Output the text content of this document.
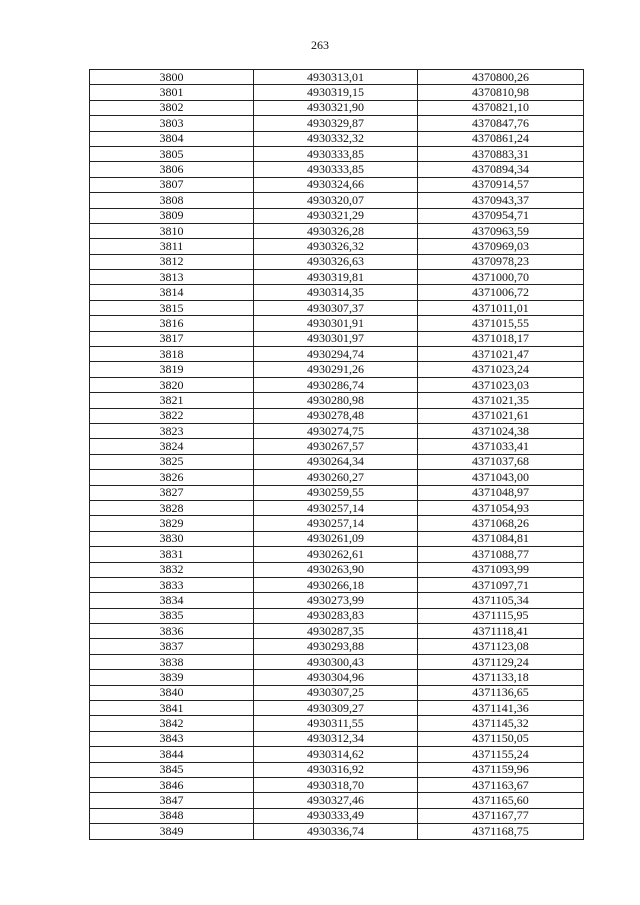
263
3800	4930313,01	4370800,26
3801	4930319,15	4370810,98
3802	4930321,90	4370821,10
3803	4930329,87	4370847,76
3804	4930332,32	4370861,24
3805	4930333,85	4370883,31
3806	4930333,85	4370894,34
3807	4930324,66	4370914,57
3808	4930320,07	4370943,37
3809	4930321,29	4370954,71
3810	4930326,28	4370963,59
3811	4930326,32	4370969,03
3812	4930326,63	4370978,23
3813	4930319,81	4371000,70
3814	4930314,35	4371006,72
3815	4930307,37	4371011,01
3816	4930301,91	4371015,55
3817	4930301,97	4371018,17
3818	4930294,74	4371021,47
3819	4930291,26	4371023,24
3820	4930286,74	4371023,03
3821	4930280,98	4371021,35
3822	4930278,48	4371021,61
3823	4930274,75	4371024,38
3824	4930267,57	4371033,41
3825	4930264,34	4371037,68
3826	4930260,27	4371043,00
3827	4930259,55	4371048,97
3828	4930257,14	4371054,93
3829	4930257,14	4371068,26
3830	4930261,09	4371084,81
3831	4930262,61	4371088,77
3832	4930263,90	4371093,99
3833	4930266,18	4371097,71
3834	4930273,99	4371105,34
3835	4930283,83	4371115,95
3836	4930287,35	4371118,41
3837	4930293,88	4371123,08
3838	4930300,43	4371129,24
3839	4930304,96	4371133,18
3840	4930307,25	4371136,65
3841	4930309,27	4371141,36
3842	4930311,55	4371145,32
3843	4930312,34	4371150,05
3844	4930314,62	4371155,24
3845	4930316,92	4371159,96
3846	4930318,70	4371163,67
3847	4930327,46	4371165,60
3848	4930333,49	4371167,77
3849	4930336,74	4371168,75
